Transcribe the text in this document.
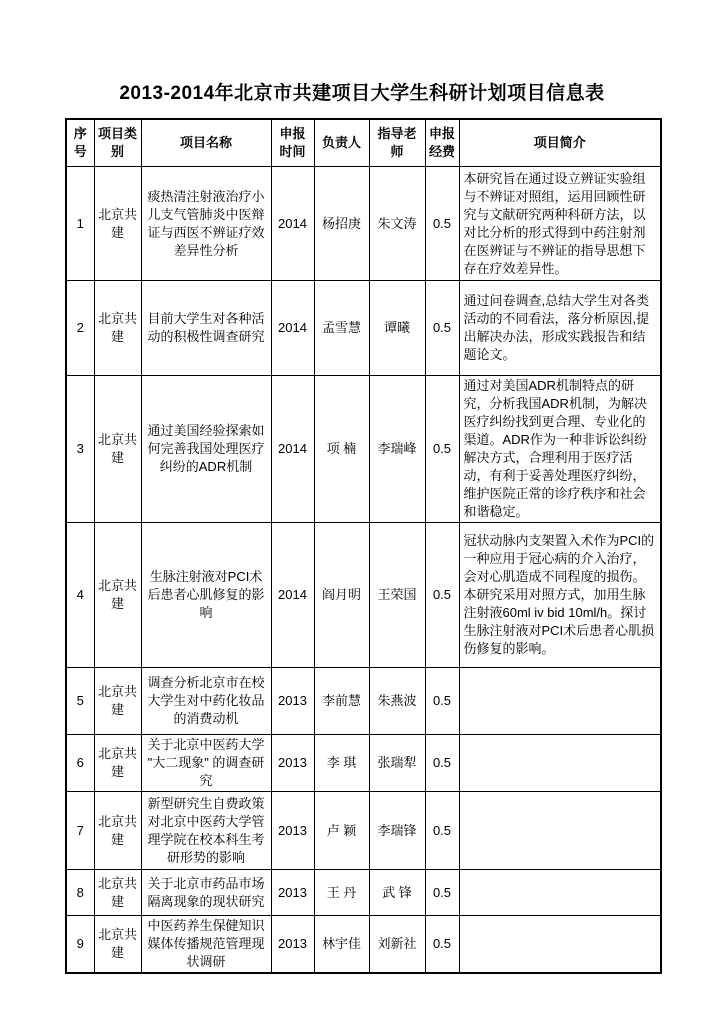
2013-2014年北京市共建项目大学生科研计划项目信息表
序号	项目类别	项目名称	申报时间	负责人	指导老师	申报经费	项目简介
1	北京共建	痰热清注射液治疗小儿支气管肺炎中医辩证与西医不辨证疗效差异性分析	2014	杨招庚	朱文涛	0.5	本研究旨在通过设立辨证实验组与不辨证对照组，运用回顾性研究与文献研究两种科研方法，以对比分析的形式得到中药注射剂在医辨证与不辨证的指导思想下存在疗效差异性。
2	北京共建	目前大学生对各种活动的积极性调查研究	2014	孟雪慧	谭曦	0.5	通过问卷调查,总结大学生对各类活动的不同看法，落分析原因,提出解决办法，形成实践报告和结题论文。
3	北京共建	通过美国经验探索如何完善我国处理医疗纠纷的ADR机制	2014	项 楠	李瑞峰	0.5	通过对美国ADR机制特点的研究，分析我国ADR机制，为解决医疗纠纷找到更合理、专业化的渠道。ADR作为一种非诉讼纠纷解决方式，合理利用于医疗活动，有利于妥善处理医疗纠纷，维护医院正常的诊疗秩序和社会和谐稳定。
4	北京共建	生脉注射液对PCI术后患者心肌修复的影响	2014	阎月明	王荣国	0.5	冠状动脉内支架置入术作为PCI的一种应用于冠心病的介入治疗，会对心肌造成不同程度的损伤。本研究采用对照方式，加用生脉注射液60ml iv bid 10ml/h。探讨生脉注射液对PCI术后患者心肌损伤修复的影响。
5	北京共建	调查分析北京市在校大学生对中药化妆品的消费动机	2013	李前慧	朱燕波	0.5	
6	北京共建	关于北京中医药大学 "大二现象" 的调查研究	2013	李 琪	张瑞犁	0.5	
7	北京共建	新型研究生自费政策对北京中医药大学管理学院在校本科生考研形势的影响	2013	卢 颖	李瑞锋	0.5	
8	北京共建	关于北京市药品市场隔离现象的现状研究	2013	王 丹	武 锋	0.5	
9	北京共建	中医药养生保健知识媒体传播规范管理现状调研	2013	林宇佳	刘新社	0.5	
